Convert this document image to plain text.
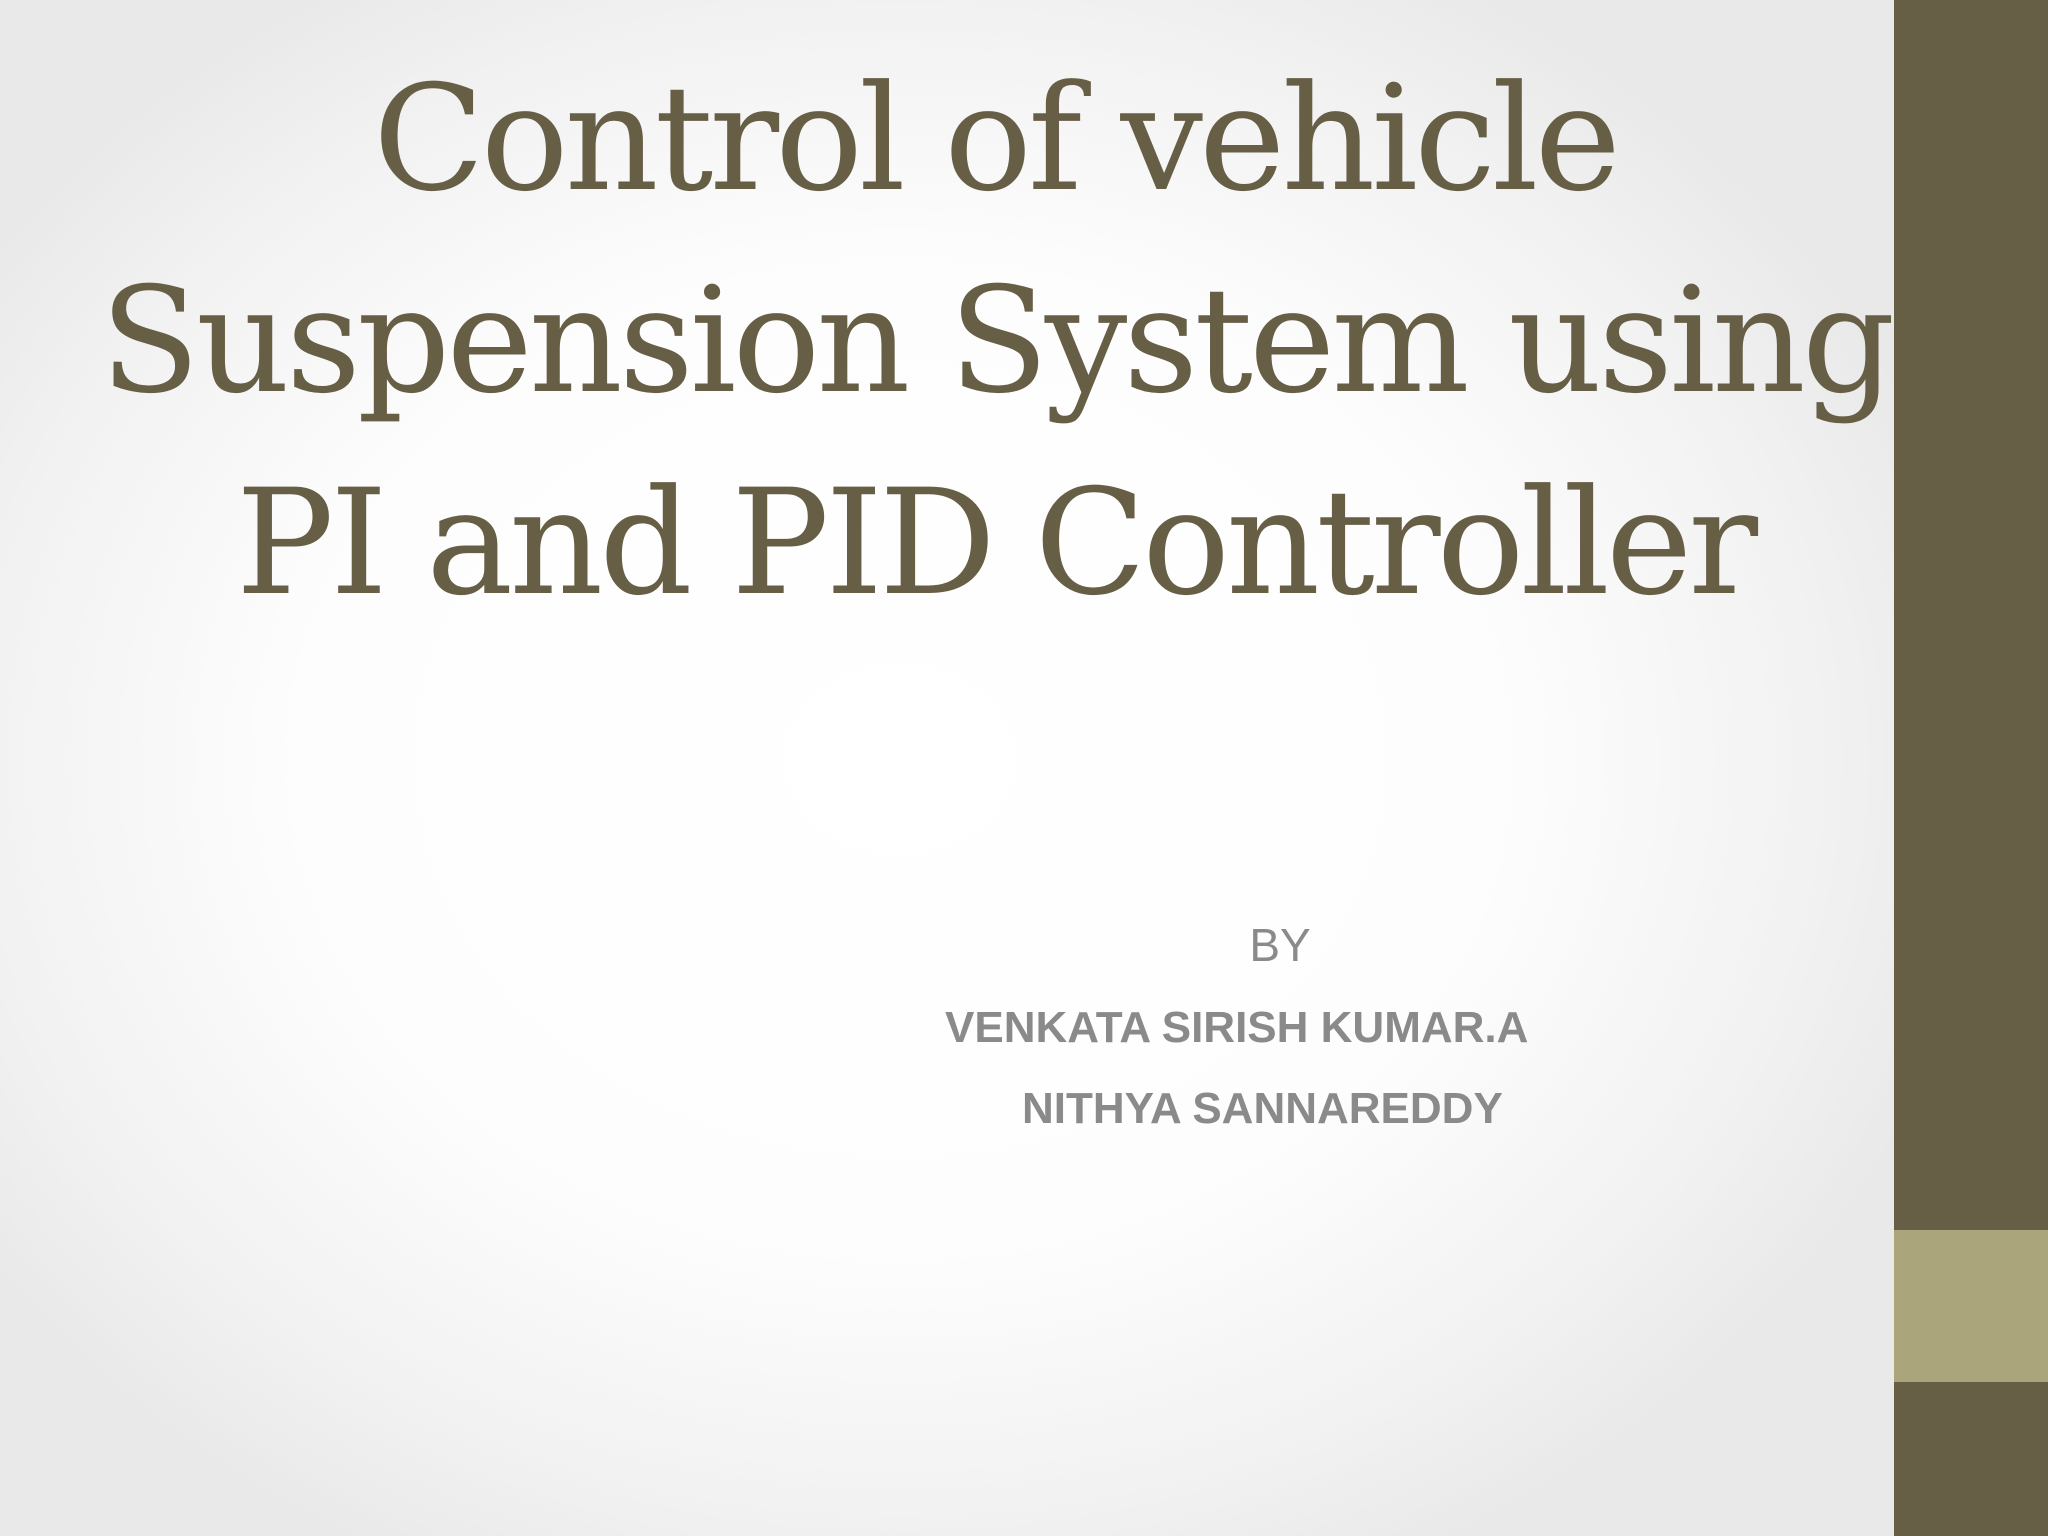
Control of vehicle
Suspension System using
PI and PID Controller
BY
VENKATA SIRISH KUMAR.A
NITHYA SANNAREDDY
